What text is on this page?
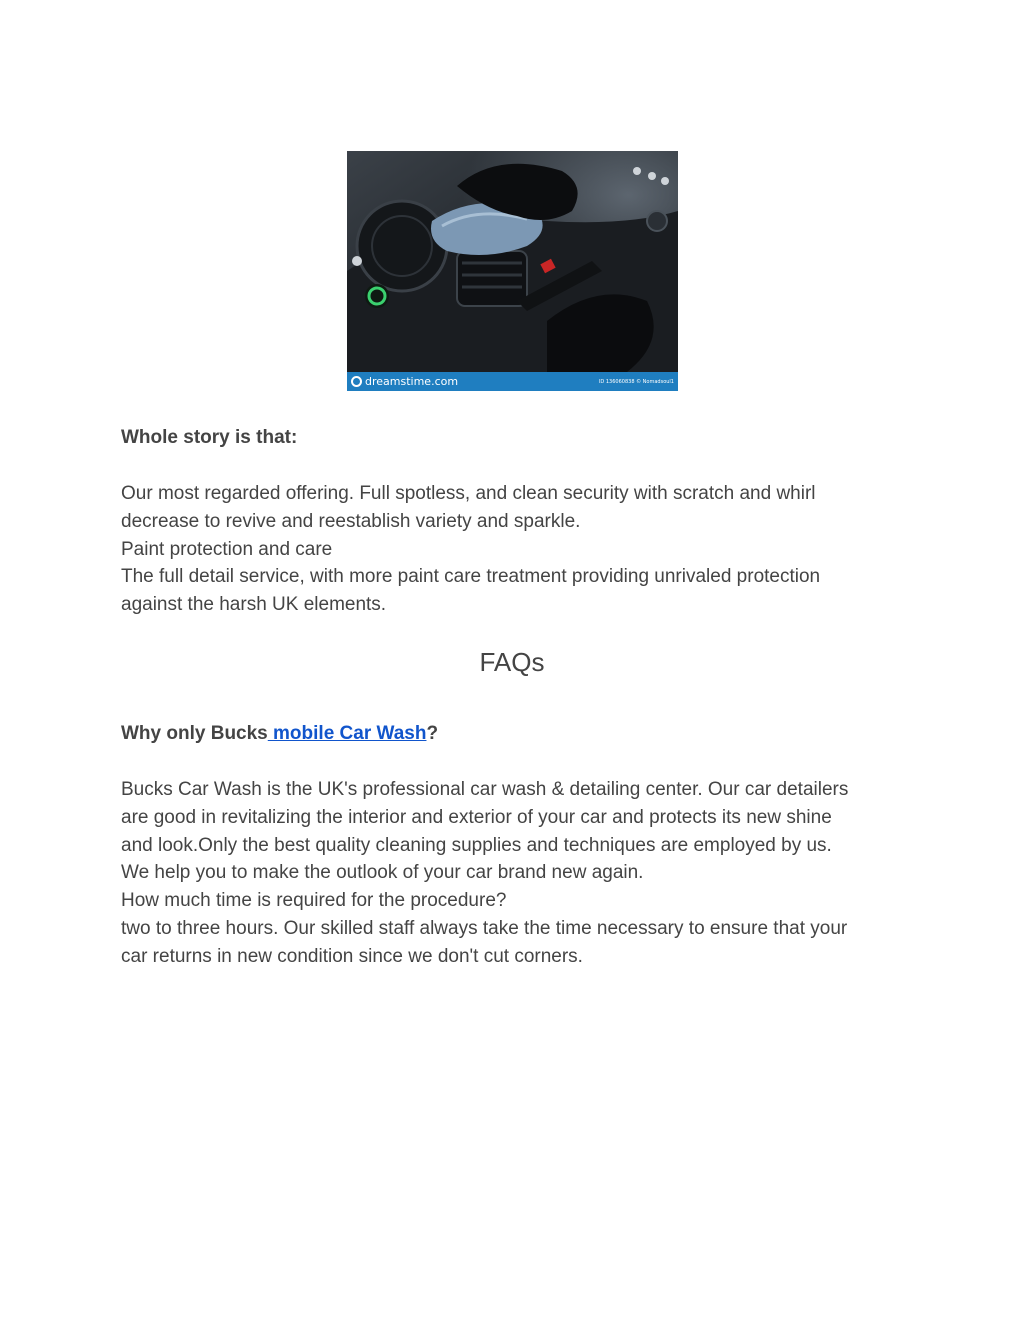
dreamstime.com	ID 136060838 © Nomadsoul1
Whole story is that:
Our most regarded offering. Full spotless, and clean security with scratch and whirl
decrease to revive and reestablish variety and sparkle.
Paint protection and care
The full detail service, with more paint care treatment providing unrivaled protection
against the harsh UK elements.
FAQs
Why only Bucks mobile Car Wash?
Bucks Car Wash is the UK's professional car wash & detailing center. Our car detailers
are good in revitalizing the interior and exterior of your car and protects its new shine
and look.Only the best quality cleaning supplies and techniques are employed by us.
We help you to make the outlook of your car brand new again.
How much time is required for the procedure?
two to three hours. Our skilled staff always take the time necessary to ensure that your
car returns in new condition since we don't cut corners.
